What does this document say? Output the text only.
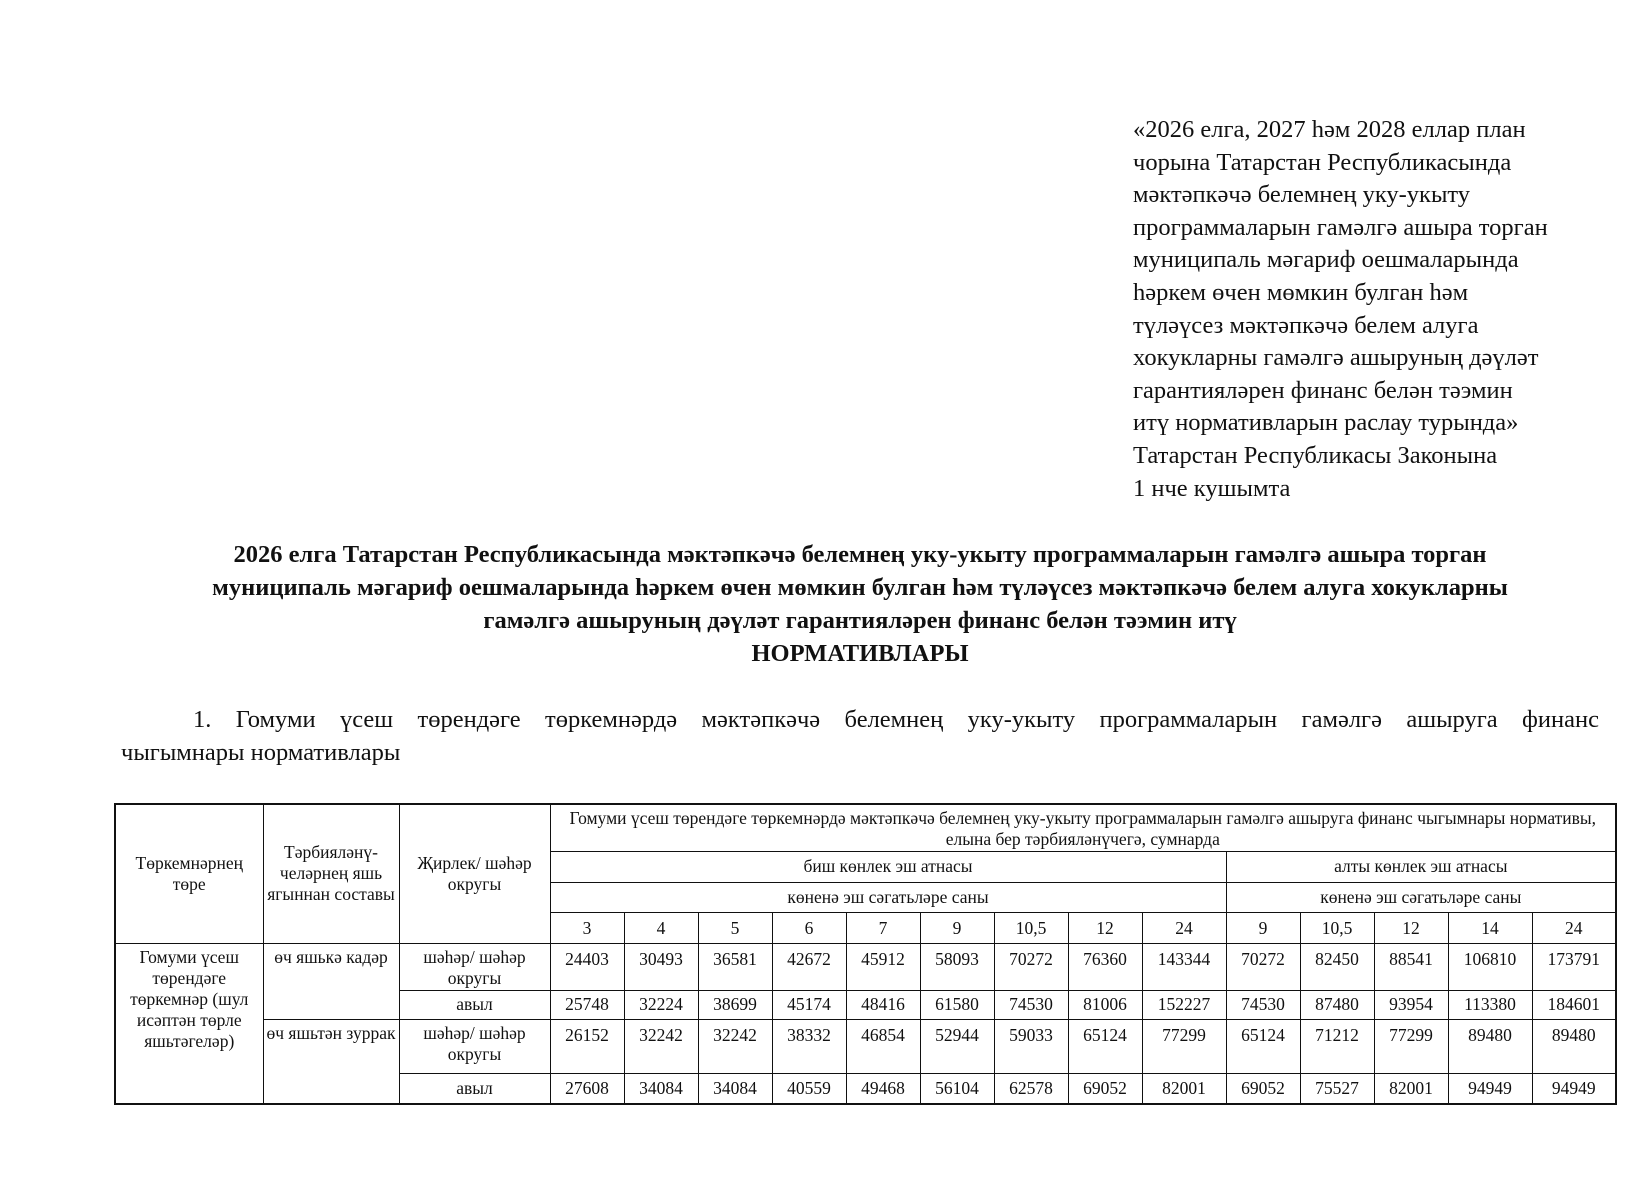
«2026 елга, 2027 һәм 2028 еллар план
чорына Татарстан Республикасында
мәктәпкәчә белемнең уку-укыту
программаларын гамәлгә ашыра торган
муниципаль мәгариф оешмаларында
һәркем өчен мөмкин булган һәм
түләүсез мәктәпкәчә белем алуга
хокукларны гамәлгә ашыруның дәүләт
гарантияләрен финанс белән тәэмин
итү нормативларын раслау турында»
Татарстан Республикасы Законына
1 нче кушымта
2026 елга Татарстан Республикасында мәктәпкәчә белемнең уку-укыту программаларын гамәлгә ашыра торган
муниципаль мәгариф оешмаларында һәркем өчен мөмкин булган һәм түләүсез мәктәпкәчә белем алуга хокукларны
гамәлгә ашыруның дәүләт гарантияләрен финанс белән тәэмин итү
НОРМАТИВЛАРЫ
1. Гомуми үсеш төрендәге төркемнәрдә мәктәпкәчә белемнең уку-укыту программаларын гамәлгә ашыруга финанс
чыгымнары нормативлары
Төркемнәрнең төре	Тәрбияләнү-челәрнең яшь ягыннан составы	Җирлек/ шәһәр округы	Гомуми үсеш төрендәге төркемнәрдә мәктәпкәчә белемнең уку-укыту программаларын гамәлгә ашыруга финанс чыгымнары нормативы, елына бер тәрбияләнүчегә, сумнарда													
			биш көнлек эш атнасы									алты көнлек эш атнасы				
			көненә эш сәгатьләре саны									көненә эш сәгатьләре саны				
			3	4	5	6	7	9	10,5	12	24	9	10,5	12	14	24
Гомуми үсеш төрендәге төркемнәр (шул исәптән төрле яшьтәгеләр)	өч яшькә кадәр	шәһәр/ шәһәр округы	24403	30493	36581	42672	45912	58093	70272	76360	143344	70272	82450	88541	106810	173791
		авыл	25748	32224	38699	45174	48416	61580	74530	81006	152227	74530	87480	93954	113380	184601
	өч яшьтән зуррак	шәһәр/ шәһәр округы	26152	32242	32242	38332	46854	52944	59033	65124	77299	65124	71212	77299	89480	89480
		авыл	27608	34084	34084	40559	49468	56104	62578	69052	82001	69052	75527	82001	94949	94949
